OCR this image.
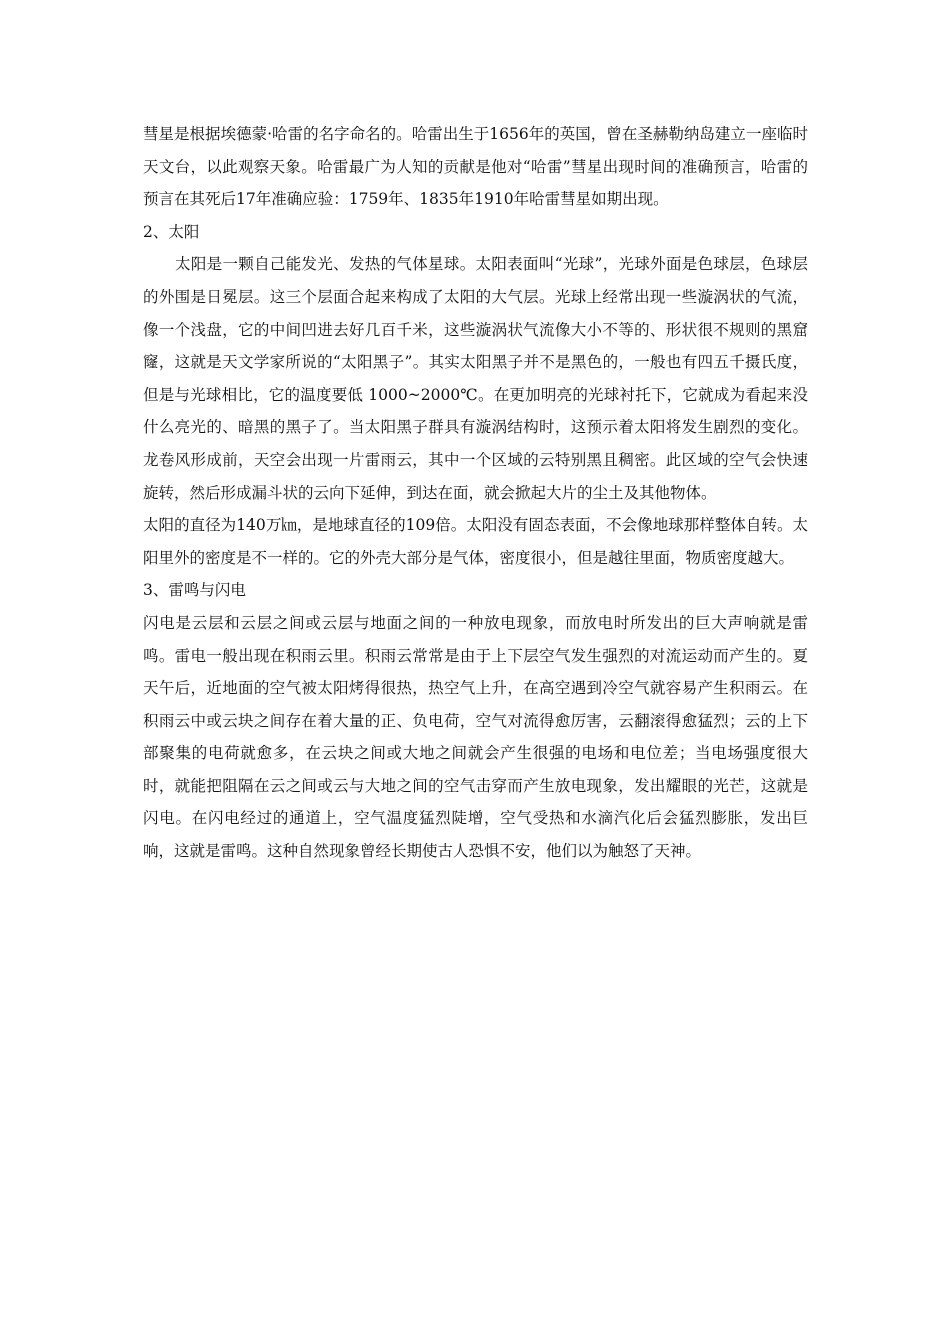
彗星是根据埃德蒙·哈雷的名字命名的。哈雷出生于1656年的英国，曾在圣赫勒纳岛建立一座临时天文台，以此观察天象。哈雷最广为人知的贡献是他对“哈雷”彗星出现时间的准确预言，哈雷的预言在其死后17年准确应验：1759年、1835年1910年哈雷彗星如期出现。

2、太阳

太阳是一颗自己能发光、发热的气体星球。太阳表面叫“光球”，光球外面是色球层，色球层的外围是日冕层。这三个层面合起来构成了太阳的大气层。光球上经常出现一些漩涡状的气流，像一个浅盘，它的中间凹进去好几百千米，这些漩涡状气流像大小不等的、形状很不规则的黑窟窿，这就是天文学家所说的“太阳黑子”。其实太阳黑子并不是黑色的，一般也有四五千摄氏度，但是与光球相比，它的温度要低 1000~2000℃。在更加明亮的光球衬托下，它就成为看起来没什么亮光的、暗黑的黑子了。当太阳黑子群具有漩涡结构时，这预示着太阳将发生剧烈的变化。龙卷风形成前，天空会出现一片雷雨云，其中一个区域的云特别黑且稠密。此区域的空气会快速旋转，然后形成漏斗状的云向下延伸，到达在面，就会掀起大片的尘土及其他物体。

太阳的直径为140万㎞，是地球直径的109倍。太阳没有固态表面，不会像地球那样整体自转。太阳里外的密度是不一样的。它的外壳大部分是气体，密度很小，但是越往里面，物质密度越大。

3、雷鸣与闪电

闪电是云层和云层之间或云层与地面之间的一种放电现象，而放电时所发出的巨大声响就是雷鸣。雷电一般出现在积雨云里。积雨云常常是由于上下层空气发生强烈的对流运动而产生的。夏天午后，近地面的空气被太阳烤得很热，热空气上升，在高空遇到冷空气就容易产生积雨云。在积雨云中或云块之间存在着大量的正、负电荷，空气对流得愈厉害，云翻滚得愈猛烈；云的上下部聚集的电荷就愈多，在云块之间或大地之间就会产生很强的电场和电位差；当电场强度很大时，就能把阻隔在云之间或云与大地之间的空气击穿而产生放电现象，发出耀眼的光芒，这就是闪电。在闪电经过的通道上，空气温度猛烈陡增，空气受热和水滴汽化后会猛烈膨胀，发出巨响，这就是雷鸣。这种自然现象曾经长期使古人恐惧不安，他们以为触怒了天神。
